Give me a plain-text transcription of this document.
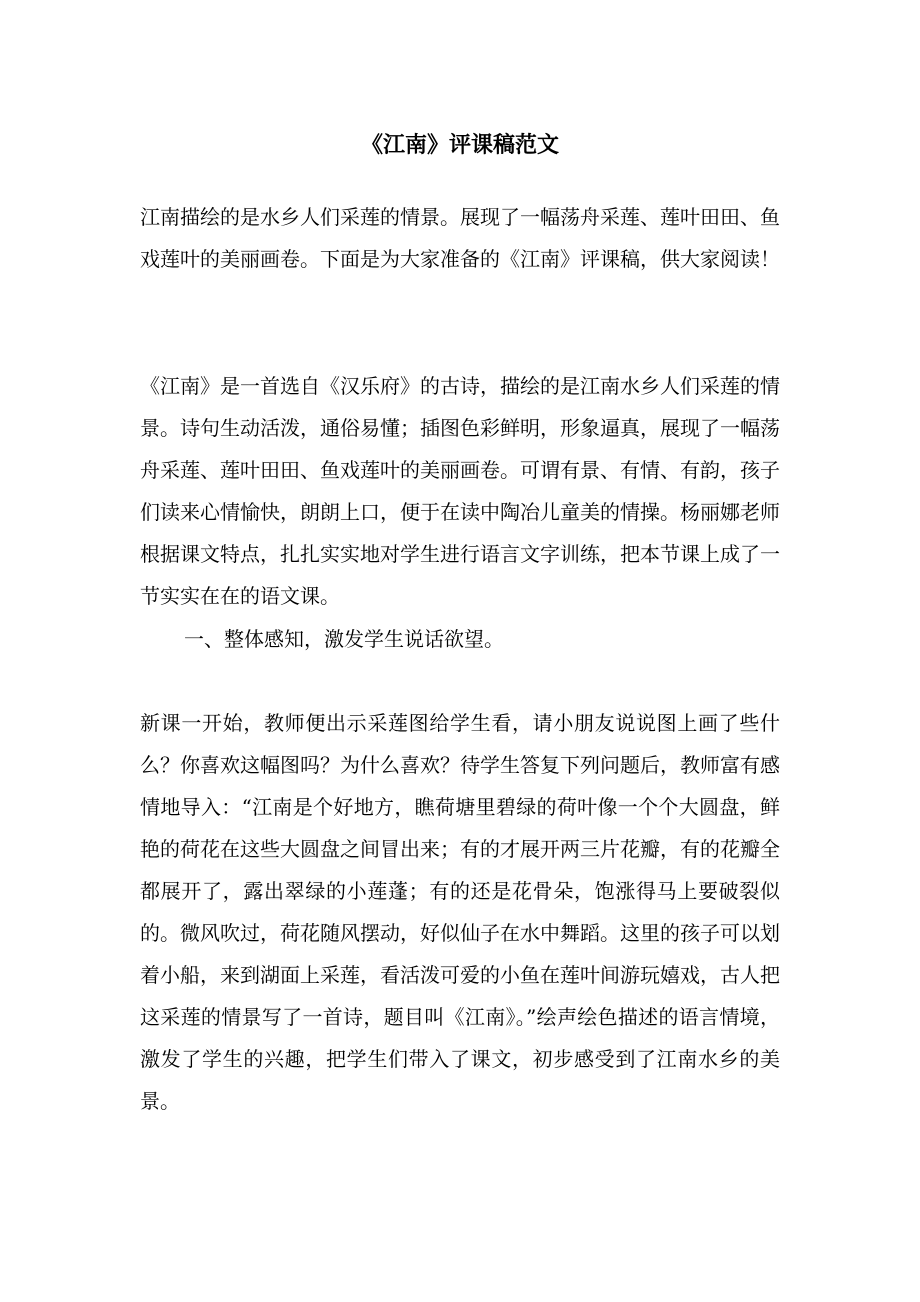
《江南》评课稿范文

江南描绘的是水乡人们采莲的情景。展现了一幅荡舟采莲、莲叶田田、鱼戏莲叶的美丽画卷。下面是为大家准备的《江南》评课稿，供大家阅读！

《江南》是一首选自《汉乐府》的古诗，描绘的是江南水乡人们采莲的情景。诗句生动活泼，通俗易懂；插图色彩鲜明，形象逼真，展现了一幅荡舟采莲、莲叶田田、鱼戏莲叶的美丽画卷。可谓有景、有情、有韵，孩子们读来心情愉快，朗朗上口，便于在读中陶冶儿童美的情操。杨丽娜老师根据课文特点，扎扎实实地对学生进行语言文字训练，把本节课上成了一节实实在在的语文课。

一、整体感知，激发学生说话欲望。

新课一开始，教师便出示采莲图给学生看，请小朋友说说图上画了些什么？你喜欢这幅图吗？为什么喜欢？待学生答复下列问题后，教师富有感情地导入：“江南是个好地方，瞧荷塘里碧绿的荷叶像一个个大圆盘，鲜艳的荷花在这些大圆盘之间冒出来；有的才展开两三片花瓣，有的花瓣全都展开了，露出翠绿的小莲蓬；有的还是花骨朵，饱涨得马上要破裂似的。微风吹过，荷花随风摆动，好似仙子在水中舞蹈。这里的孩子可以划着小船，来到湖面上采莲，看活泼可爱的小鱼在莲叶间游玩嬉戏，古人把这采莲的情景写了一首诗，题目叫《江南》。”绘声绘色描述的语言情境，激发了学生的兴趣，把学生们带入了课文，初步感受到了江南水乡的美景。
